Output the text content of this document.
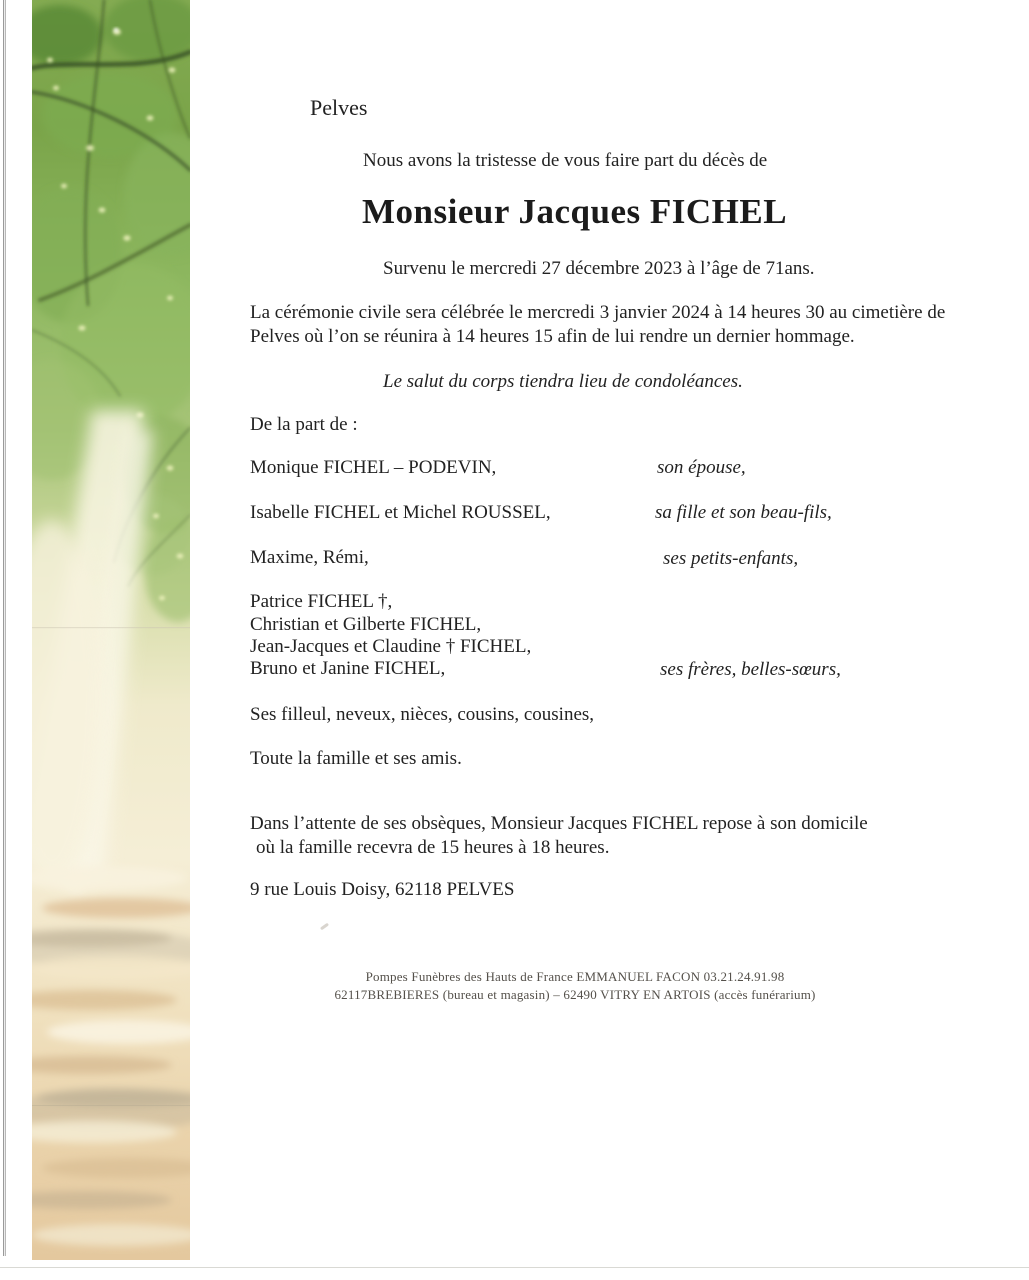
Pelves
Nous avons la tristesse de vous faire part du décès de
Monsieur Jacques FICHEL
Survenu le mercredi 27 décembre 2023 à l’âge de 71ans.
La cérémonie civile sera célébrée le mercredi 3 janvier 2024 à 14 heures 30 au cimetière de
Pelves où l’on se réunira à 14 heures 15 afin de lui rendre un dernier hommage.
Le salut du corps tiendra lieu de condoléances.
De la part de :
Monique FICHEL – PODEVIN,	son épouse,
Isabelle FICHEL et Michel ROUSSEL,	sa fille et son beau-fils,
Maxime, Rémi,	ses petits-enfants,
Patrice FICHEL †,
Christian et Gilberte FICHEL,
Jean-Jacques et Claudine † FICHEL,
Bruno et Janine FICHEL,	ses frères, belles-sœurs,
Ses filleul, neveux, nièces, cousins, cousines,
Toute la famille et ses amis.
Dans l’attente de ses obsèques, Monsieur Jacques FICHEL repose à son domicile
où la famille recevra de 15 heures à 18 heures.
9 rue Louis Doisy, 62118 PELVES
Pompes Funèbres des Hauts de France EMMANUEL FACON 03.21.24.91.98
62117BREBIERES (bureau et magasin) – 62490 VITRY EN ARTOIS (accès funérarium)
